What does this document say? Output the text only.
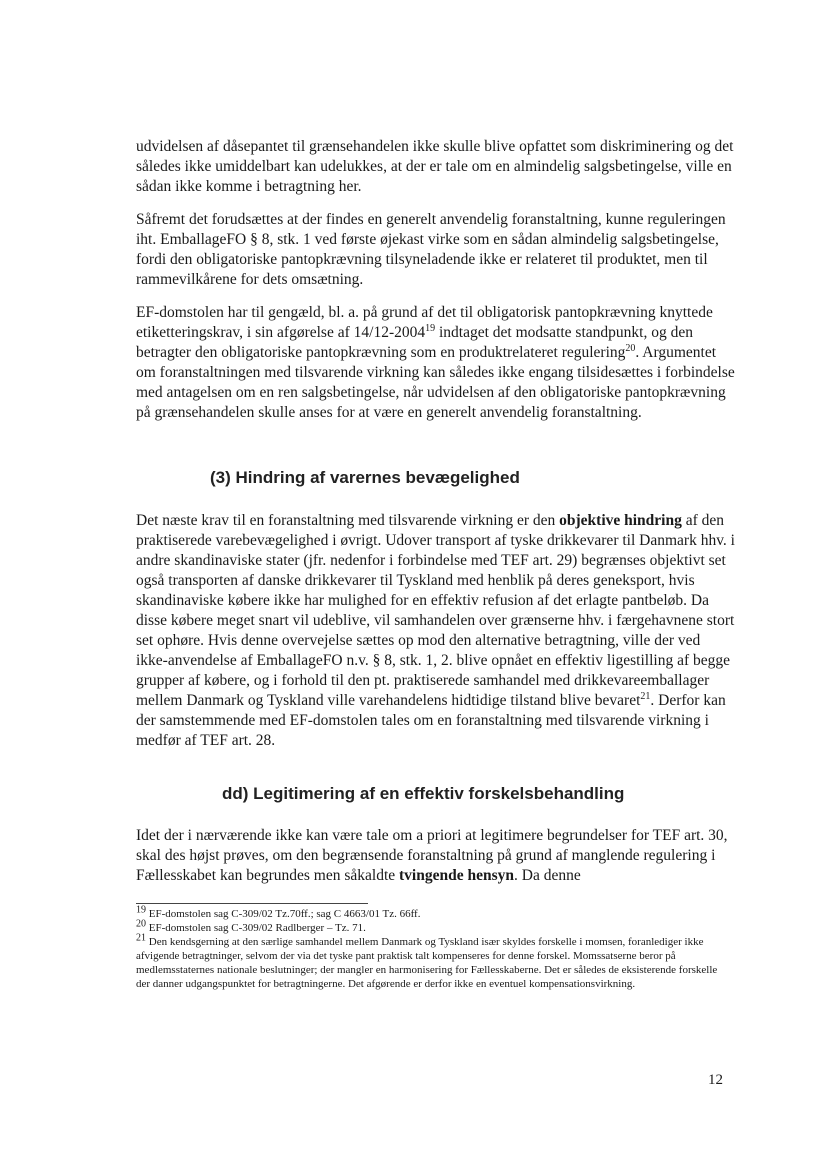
udvidelsen af dåsepantet til grænsehandelen ikke skulle blive opfattet som diskriminering og det således ikke umiddelbart kan udelukkes, at der er tale om en almindelig salgsbetingelse, ville en sådan ikke komme i betragtning her.

Såfremt det forudsættes at der findes en generelt anvendelig foranstaltning, kunne reguleringen iht. EmballageFO § 8, stk. 1 ved første øjekast virke som en sådan almindelig salgsbetingelse, fordi den obligatoriske pantopkrævning tilsyneladende ikke er relateret til produktet, men til rammevilkårene for dets omsætning.

EF-domstolen har til gengæld, bl. a. på grund af det til obligatorisk pantopkrævning knyttede etiketteringskrav, i sin afgørelse af 14/12-2004$^{19}$ indtaget det modsatte standpunkt, og den betragter den obligatoriske pantopkrævning som en produktrelateret regulering$^{20}$. Argumentet om foranstaltningen med tilsvarende virkning kan således ikke engang tilsidesættes i forbindelse med antagelsen om en ren salgsbetingelse, når udvidelsen af den obligatoriske pantopkrævning på grænsehandelen skulle anses for at være en generelt anvendelig foranstaltning.

(3) Hindring af varernes bevægelighed

Det næste krav til en foranstaltning med tilsvarende virkning er den objektive hindring af den praktiserede varebevægelighed i øvrigt. Udover transport af tyske drikkevarer til Danmark hhv. i andre skandinaviske stater (jfr. nedenfor i forbindelse med TEF art. 29) begrænses objektivt set også transporten af danske drikkevarer til Tyskland med henblik på deres geneksport, hvis skandinaviske købere ikke har mulighed for en effektiv refusion af det erlagte pantbeløb. Da disse købere meget snart vil udeblive, vil samhandelen over grænserne hhv. i færgehavnene stort set ophøre. Hvis denne overvejelse sættes op mod den alternative betragtning, ville der ved ikke-anvendelse af EmballageFO n.v. § 8, stk. 1, 2. blive opnået en effektiv ligestilling af begge grupper af købere, og i forhold til den pt. praktiserede samhandel med drikkevareemballager mellem Danmark og Tyskland ville varehandelens hidtidige tilstand blive bevaret$^{21}$. Derfor kan der samstemmende med EF-domstolen tales om en foranstaltning med tilsvarende virkning i medfør af TEF art. 28.

dd) Legitimering af en effektiv forskelsbehandling

Idet der i nærværende ikke kan være tale om a priori at legitimere begrundelser for TEF art. 30, skal des højst prøves, om den begrænsende foranstaltning på grund af manglende regulering i Fællesskabet kan begrundes men såkaldte tvingende hensyn. Da denne

$^{19}$ EF-domstolen sag C-309/02 Tz.70ff.; sag C 4663/01 Tz. 66ff.

$^{20}$ EF-domstolen sag C-309/02 Radlberger – Tz. 71.

$^{21}$ Den kendsgerning at den særlige samhandel mellem Danmark og Tyskland især skyldes forskelle i momsen, foranlediger ikke afvigende betragtninger, selvom der via det tyske pant praktisk talt kompenseres for denne forskel. Momssatserne beror på medlemsstaternes nationale beslutninger; der mangler en harmonisering for Fællesskaberne. Det er således de eksisterende forskelle der danner udgangspunktet for betragtningerne. Det afgørende er derfor ikke en eventuel kompensationsvirkning.

12
